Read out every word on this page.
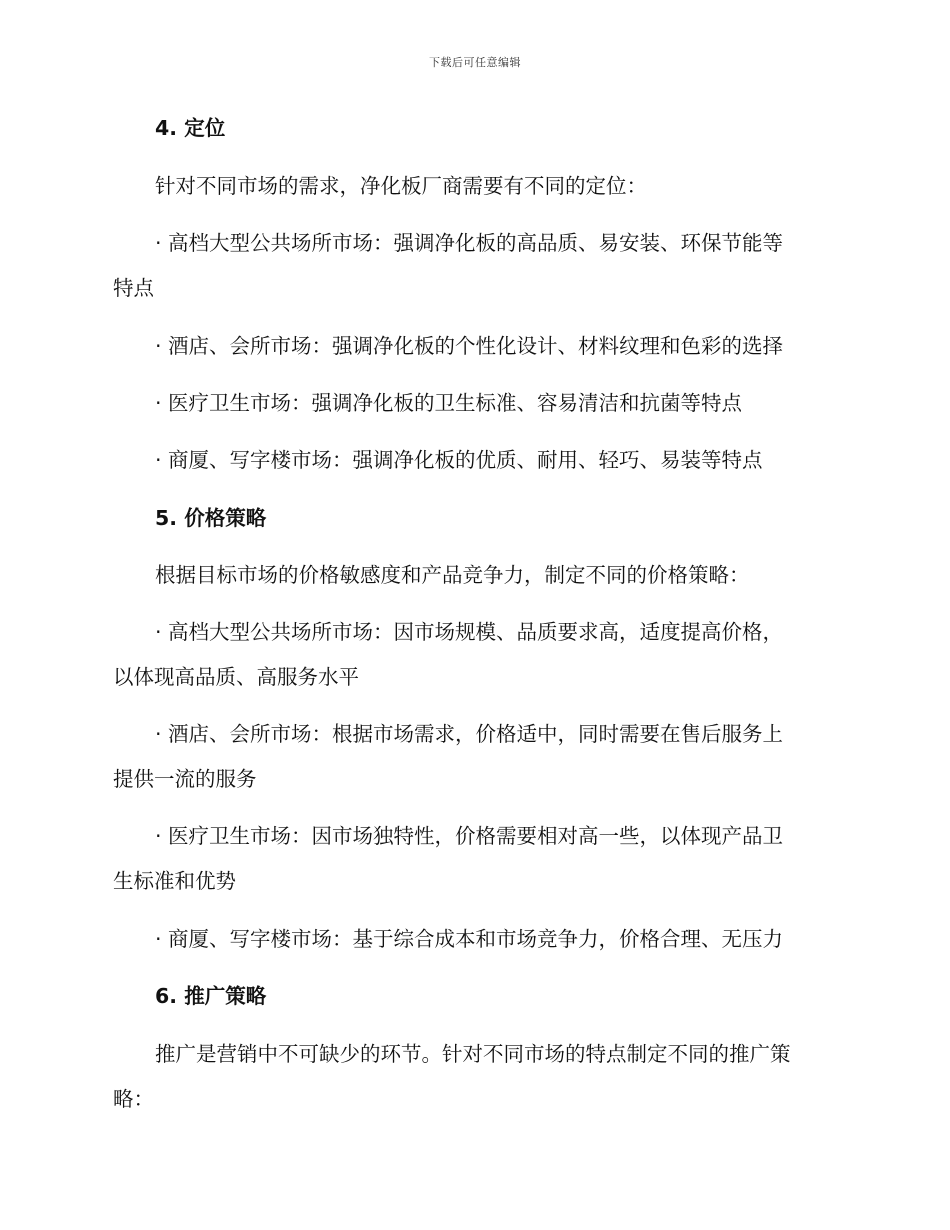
下载后可任意编辑
4. 定位
针对不同市场的需求，净化板厂商需要有不同的定位：
· 高档大型公共场所市场：强调净化板的高品质、易安装、环保节能等
特点
· 酒店、会所市场：强调净化板的个性化设计、材料纹理和色彩的选择
· 医疗卫生市场：强调净化板的卫生标准、容易清洁和抗菌等特点
· 商厦、写字楼市场：强调净化板的优质、耐用、轻巧、易装等特点
5. 价格策略
根据目标市场的价格敏感度和产品竞争力，制定不同的价格策略：
· 高档大型公共场所市场：因市场规模、品质要求高，适度提高价格，
以体现高品质、高服务水平
· 酒店、会所市场：根据市场需求，价格适中，同时需要在售后服务上
提供一流的服务
· 医疗卫生市场：因市场独特性，价格需要相对高一些，以体现产品卫
生标准和优势
· 商厦、写字楼市场：基于综合成本和市场竞争力，价格合理、无压力
6. 推广策略
推广是营销中不可缺少的环节。针对不同市场的特点制定不同的推广策
略：
